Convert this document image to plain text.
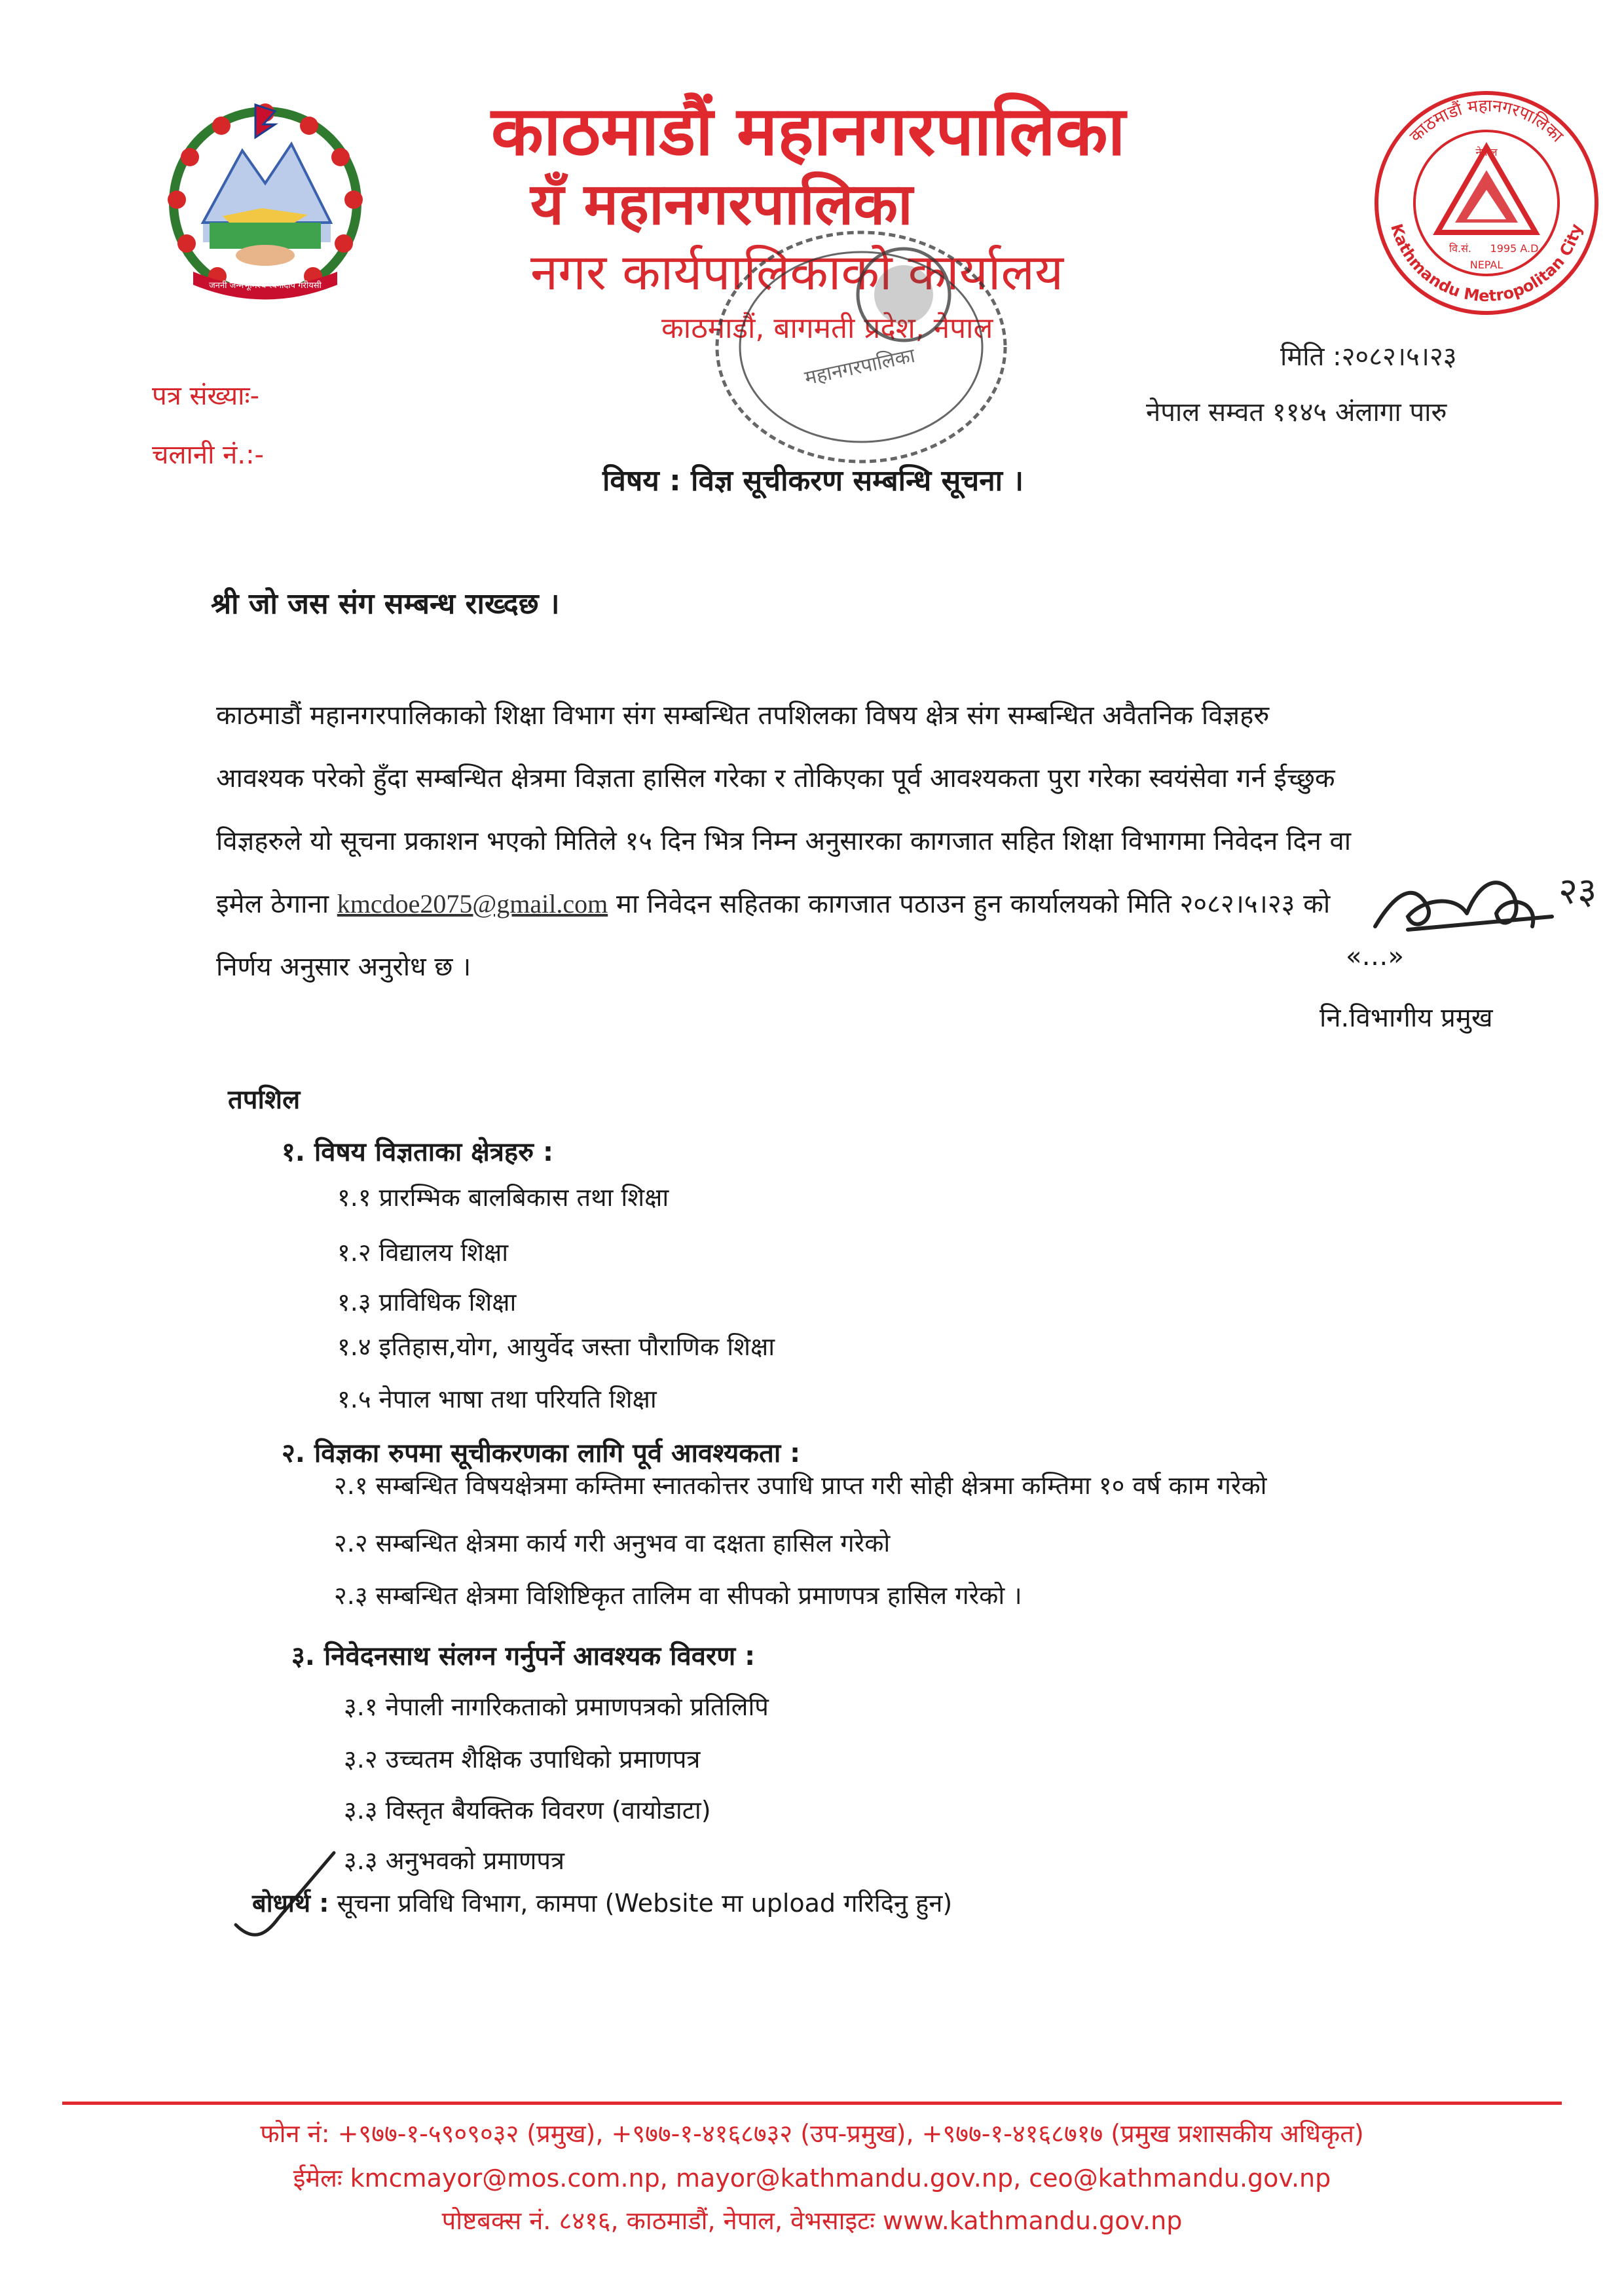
जननी जन्मभूमिश्च स्वर्गादपि गरीयसी
काठमाडौं महानगरपालिका
यँ महानगरपालिका
नगर कार्यपालिकाको कार्यालय
काठमाडौं, बागमती प्रदेश, नेपाल
नेपाल
वि.सं. 1995 A.D.
NEPAL
काठमाडौं महानगरपालिका
Kathmandu Metropolitan City
महानगरपालिका
पत्र संख्याः-
चलानी नं.:-
मिति :२०८२।५।२३
नेपाल सम्वत ११४५ अंलागा पारु
विषय : विज्ञ सूचीकरण सम्बन्धि सूचना ।
श्री जो जस संग सम्बन्ध राख्दछ ।
काठमाडौं महानगरपालिकाको शिक्षा विभाग संग सम्बन्धित तपशिलका विषय क्षेत्र संग सम्बन्धित अवैतनिक विज्ञहरु
आवश्यक परेको हुँदा सम्बन्धित क्षेत्रमा विज्ञता हासिल गरेका र तोकिएका पूर्व आवश्यकता पुरा गरेका स्वयंसेवा गर्न ईच्छुक
विज्ञहरुले यो सूचना प्रकाशन भएको मितिले १५ दिन भित्र निम्न अनुसारका कागजात सहित शिक्षा विभागमा निवेदन दिन वा
इमेल ठेगाना kmcdoe2075@gmail.com मा निवेदन सहितका कागजात पठाउन हुन कार्यालयको मिति २०८२।५।२३ को
निर्णय अनुसार अनुरोध छ ।
२३
«…»
नि.विभागीय प्रमुख
तपशिल
१. विषय विज्ञताका क्षेत्रहरु :
१.१ प्रारम्भिक बालबिकास तथा शिक्षा
१.२ विद्यालय शिक्षा
१.३ प्राविधिक शिक्षा
१.४ इतिहास,योग, आयुर्वेद जस्ता पौराणिक शिक्षा
१.५ नेपाल भाषा तथा परियति शिक्षा
२. विज्ञका रुपमा सूचीकरणका लागि पूर्व आवश्यकता :
२.१ सम्बन्धित विषयक्षेत्रमा कम्तिमा स्नातकोत्तर उपाधि प्राप्त गरी सोही क्षेत्रमा कम्तिमा १० वर्ष काम गरेको
२.२ सम्बन्धित क्षेत्रमा कार्य गरी अनुभव वा दक्षता हासिल गरेको
२.३ सम्बन्धित क्षेत्रमा विशिष्टिकृत तालिम वा सीपको प्रमाणपत्र हासिल गरेको ।
३. निवेदनसाथ संलग्न गर्नुपर्ने आवश्यक विवरण :
३.१ नेपाली नागरिकताको प्रमाणपत्रको प्रतिलिपि
३.२ उच्चतम शैक्षिक उपाधिको प्रमाणपत्र
३.३ विस्तृत बैयक्तिक विवरण (वायोडाटा)
३.३ अनुभवको प्रमाणपत्र
बोधार्थ : सूचना प्रविधि विभाग, कामपा (Website मा upload गरिदिनु हुन)
फोन नं: +९७७-१-५९०९०३२ (प्रमुख), +९७७-१-४१६८७३२ (उप-प्रमुख), +९७७-१-४१६८७१७ (प्रमुख प्रशासकीय अधिकृत)
ईमेलः kmcmayor@mos.com.np, mayor@kathmandu.gov.np, ceo@kathmandu.gov.np
पोष्टबक्स नं. ८४१६, काठमाडौं, नेपाल, वेभसाइटः www.kathmandu.gov.np
